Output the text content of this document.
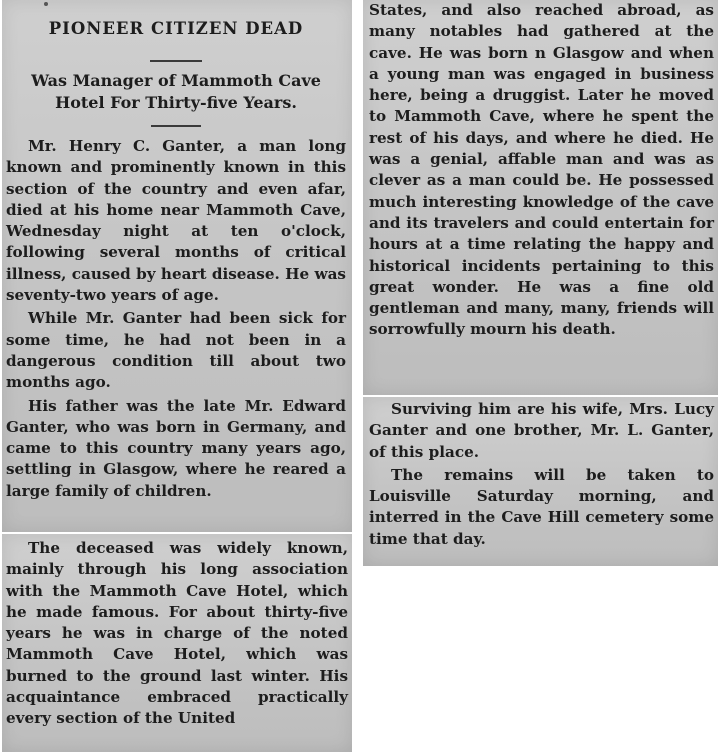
PIONEER CITIZEN DEAD

Was Manager of Mammoth Cave

Hotel For Thirty-five Years.

Mr. Henry C. Ganter, a man long known and prominently known in this section of the country and even afar, died at his home near Mammoth Cave, Wednesday night at ten o'clock, following several months of critical illness, caused by heart disease. He was seventy-two years of age.

While Mr. Ganter had been sick for some time, he had not been in a dangerous condition till about two months ago.

His father was the late Mr. Edward Ganter, who was born in Germany, and came to this country many years ago, settling in Glasgow, where he reared a large family of children.

The deceased was widely known, mainly through his long association with the Mammoth Cave Hotel, which he made famous. For about thirty-five years he was in charge of the noted Mammoth Cave Hotel, which was burned to the ground last winter. His acquaintance embraced practically every section of the United

States, and also reached abroad, as many notables had gathered at the cave. He was born n Glasgow and when a young man was engaged in business here, being a druggist. Later he moved to Mammoth Cave, where he spent the rest of his days, and where he died. He was a genial, affable man and was as clever as a man could be. He possessed much interesting knowledge of the cave and its travelers and could entertain for hours at a time relating the happy and historical incidents pertaining to this great wonder. He was a fine old gentleman and many, many, friends will sorrowfully mourn his death.

Surviving him are his wife, Mrs. Lucy Ganter and one brother, Mr. L. Ganter, of this place.

The remains will be taken to Louisville Saturday morning, and interred in the Cave Hill cemetery some time that day.
